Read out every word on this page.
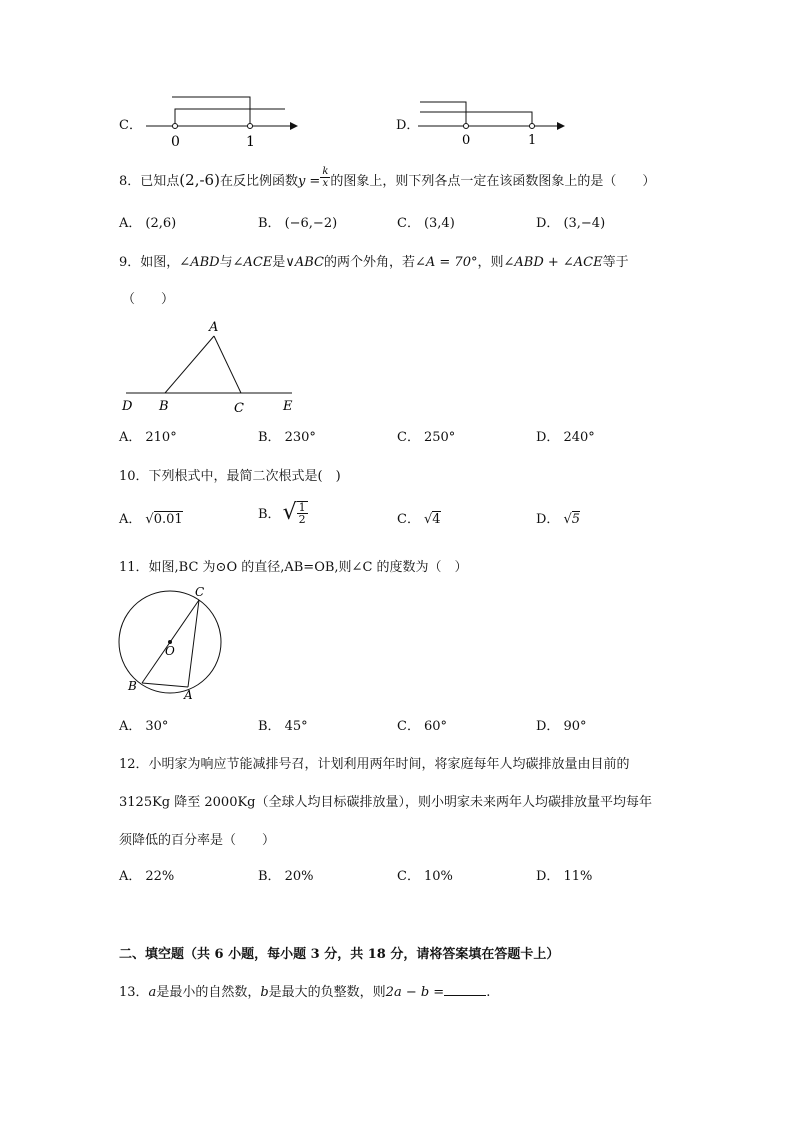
C．
0	1
D．
0	1
8．已知点(2,-6)在反比例函数$y = \frac{k}{x}$ 的图象上，则下列各点一定在该函数图象上的是（　　）
A． (2,6)	B． (−6,−2)	C． (3,4)	D． (3,−4)
9．如图，∠ABD与∠ACE是∨ABC的两个外角，若∠A = 70°，则∠ABD + ∠ACE等于
（　　）
A
B	C
D	E
A． 210°	B． 230°	C． 250°	D． 240°
10．下列根式中，最简二次根式是(　)
A． √0.01	B．√ $\frac{1}{2}$	C． √4	D． √5
11．如图,BC 为⊙O 的直径,AB=OB,则∠C 的度数为（　）
C
O
B
A
A． 30°	B． 45°	C． 60°	D． 90°
12．小明家为响应节能减排号召，计划利用两年时间，将家庭每年人均碳排放量由目前的
3125Kg 降至 2000Kg（全球人均目标碳排放量），则小明家未来两年人均碳排放量平均每年
须降低的百分率是（　　）
A． 22%	B． 20%	C． 10%	D． 11%
二、填空题（共 6 小题，每小题 3 分，共 18 分，请将答案填在答题卡上）
13．a是最小的自然数，b是最大的负整数，则2a − b =	.
